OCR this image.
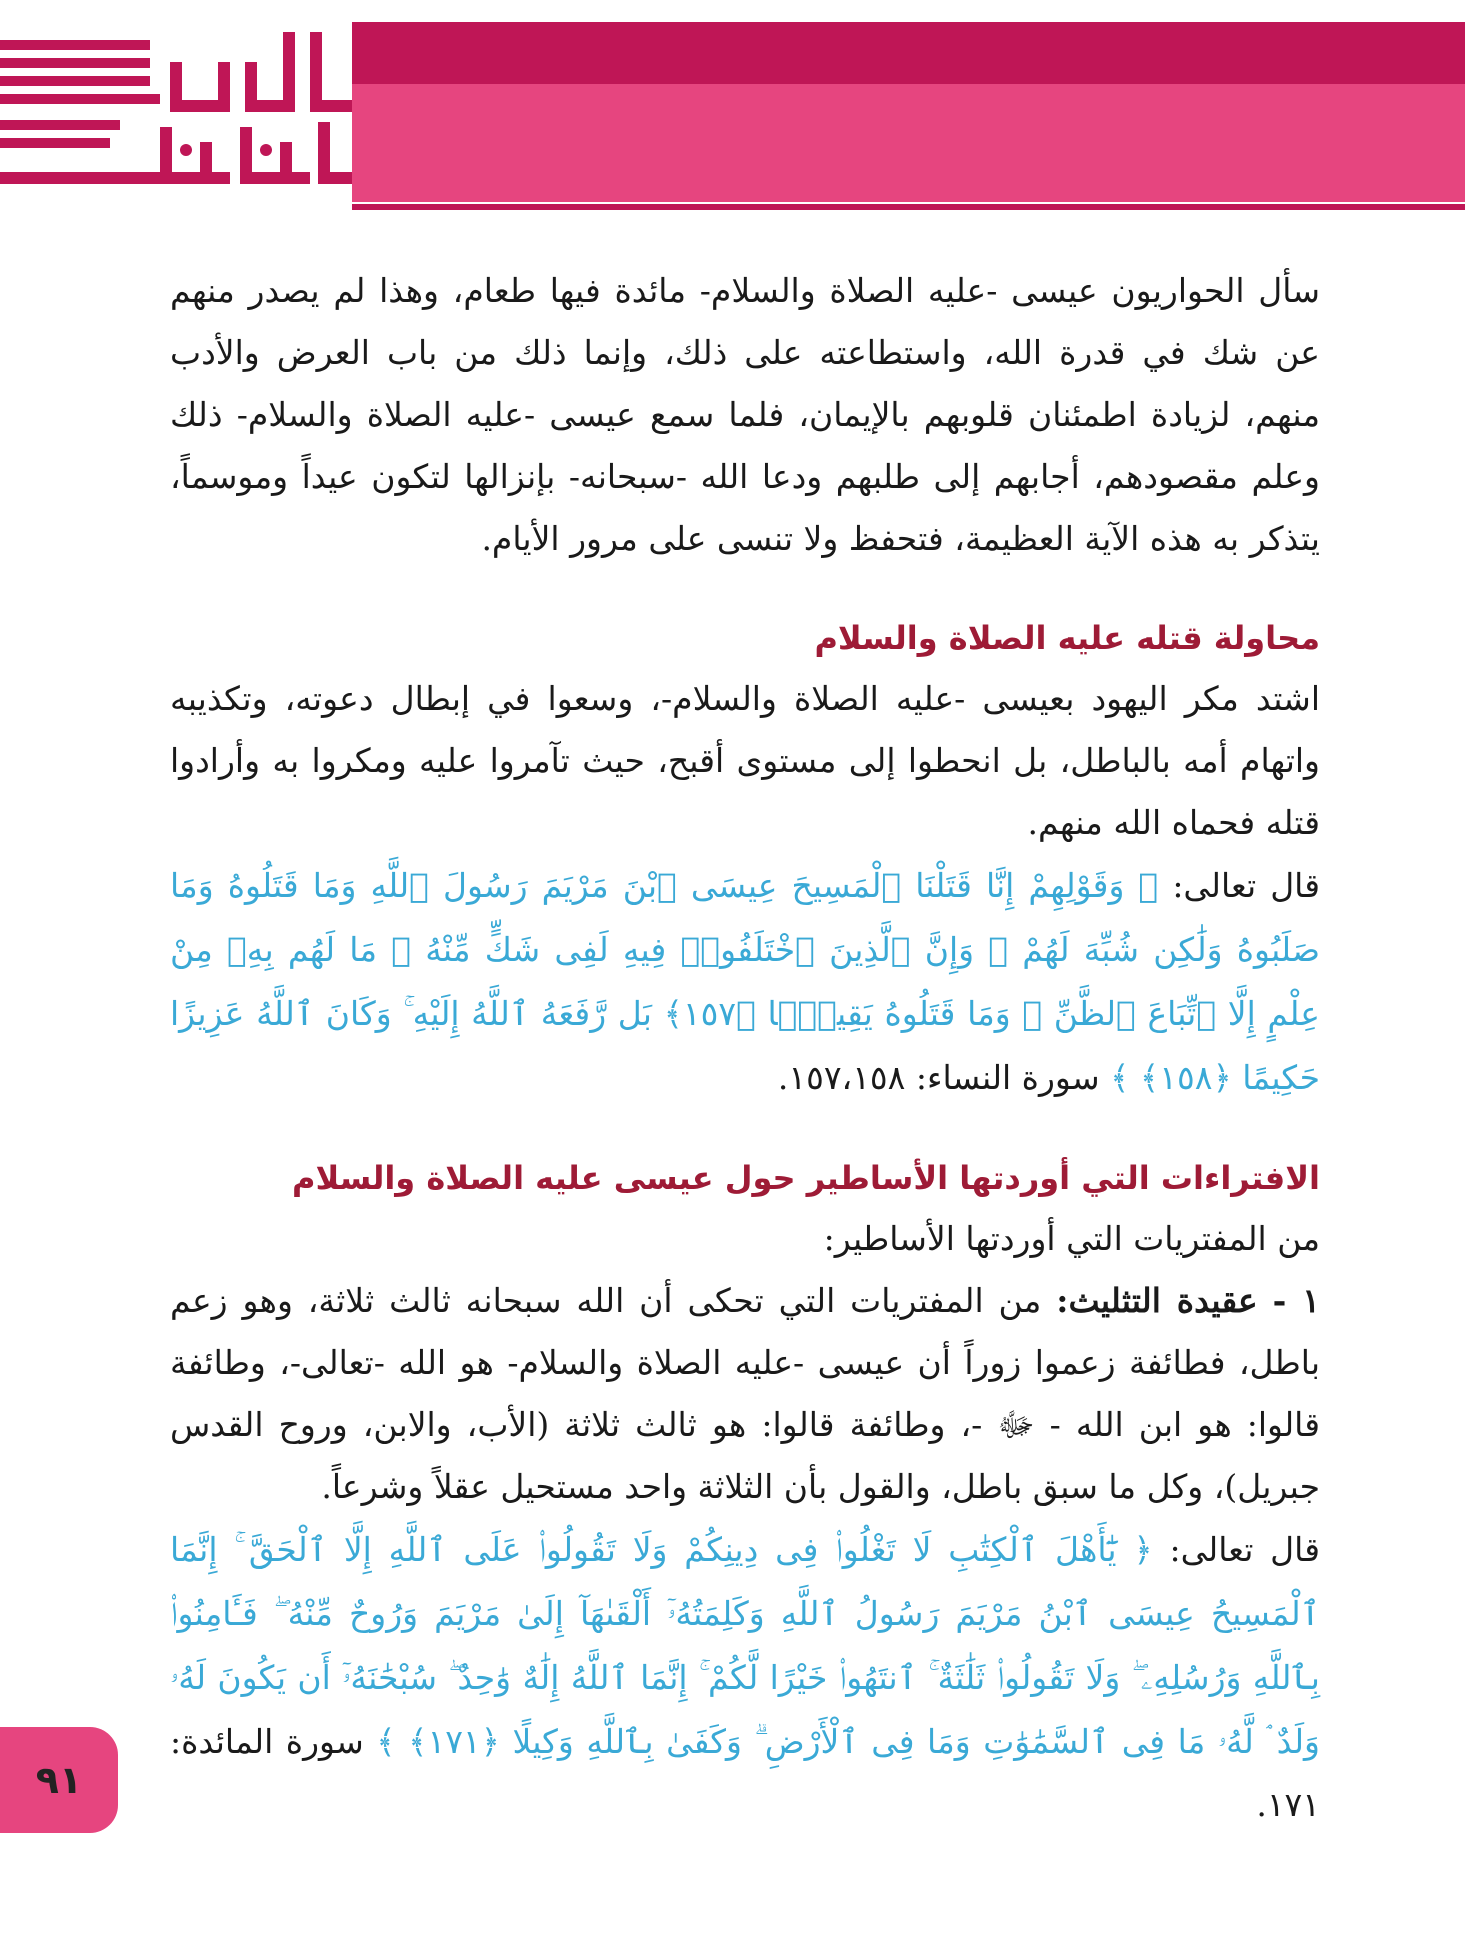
سأل الحواريون عيسى -عليه الصلاة والسلام- مائدة فيها طعام، وهذا لم يصدر منهم عن شك في قدرة الله، واستطاعته على ذلك، وإنما ذلك من باب العرض والأدب منهم، لزيادة اطمئنان قلوبهم بالإيمان، فلما سمع عيسى -عليه الصلاة والسلام- ذلك وعلم مقصودهم، أجابهم إلى طلبهم ودعا الله -سبحانه- بإنزالها لتكون عيداً وموسماً، يتذكر به هذه الآية العظيمة، فتحفظ ولا تنسى على مرور الأيام.

محاولة قتله عليه الصلاة والسلام

اشتد مكر اليهود بعيسى -عليه الصلاة والسلام-، وسعوا في إبطال دعوته، وتكذيبه واتهام أمه بالباطل، بل انحطوا إلى مستوى أقبح، حيث تآمروا عليه ومكروا به وأرادوا قتله فحماه الله منهم.

قال تعالى: ﴿ وَقَوْلِهِمْ إِنَّا قَتَلْنَا ٱلْمَسِيحَ عِيسَى ٱبْنَ مَرْيَمَ رَسُولَ ٱللَّهِ وَمَا قَتَلُوهُ وَمَا صَلَبُوهُ وَلَٰكِن شُبِّهَ لَهُمْ ۚ وَإِنَّ ٱلَّذِينَ ٱخْتَلَفُوا۟ فِيهِ لَفِى شَكٍّ مِّنْهُ ۚ مَا لَهُم بِهِۦ مِنْ عِلْمٍ إِلَّا ٱتِّبَاعَ ٱلظَّنِّ ۚ وَمَا قَتَلُوهُ يَقِينًۢا ﴿١٥٧﴾ بَل رَّفَعَهُ ٱللَّهُ إِلَيْهِ ۚ وَكَانَ ٱللَّهُ عَزِيزًا حَكِيمًا ﴿١٥٨﴾ ﴾ سورة النساء: ١٥٧،١٥٨.

الافتراءات التي أوردتها الأساطير حول عيسى عليه الصلاة والسلام

من المفتريات التي أوردتها الأساطير:

١ - عقيدة التثليث: من المفتريات التي تحكى أن الله سبحانه ثالث ثلاثة، وهو زعم باطل، فطائفة زعموا زوراً أن عيسى -عليه الصلاة والسلام- هو الله -تعالى-، وطائفة قالوا: هو ابن الله - ﷻ -، وطائفة قالوا: هو ثالث ثلاثة (الأب، والابن، وروح القدس جبريل)، وكل ما سبق باطل، والقول بأن الثلاثة واحد مستحيل عقلاً وشرعاً.

قال تعالى: ﴿ يَٰٓأَهْلَ ٱلْكِتَٰبِ لَا تَغْلُوا۟ فِى دِينِكُمْ وَلَا تَقُولُوا۟ عَلَى ٱللَّهِ إِلَّا ٱلْحَقَّ ۚ إِنَّمَا ٱلْمَسِيحُ عِيسَى ٱبْنُ مَرْيَمَ رَسُولُ ٱللَّهِ وَكَلِمَتُهُۥٓ أَلْقَىٰهَآ إِلَىٰ مَرْيَمَ وَرُوحٌ مِّنْهُ ۖ فَـَٔامِنُوا۟ بِٱللَّهِ وَرُسُلِهِۦ ۖ وَلَا تَقُولُوا۟ ثَلَٰثَةٌ ۚ ٱنتَهُوا۟ خَيْرًا لَّكُمْ ۚ إِنَّمَا ٱللَّهُ إِلَٰهٌ وَٰحِدٌ ۖ سُبْحَٰنَهُۥٓ أَن يَكُونَ لَهُۥ وَلَدٌ ۘ لَّهُۥ مَا فِى ٱلسَّمَٰوَٰتِ وَمَا فِى ٱلْأَرْضِ ۗ وَكَفَىٰ بِٱللَّهِ وَكِيلًا ﴿١٧١﴾ ﴾ سورة المائدة: ١٧١.

٩١
